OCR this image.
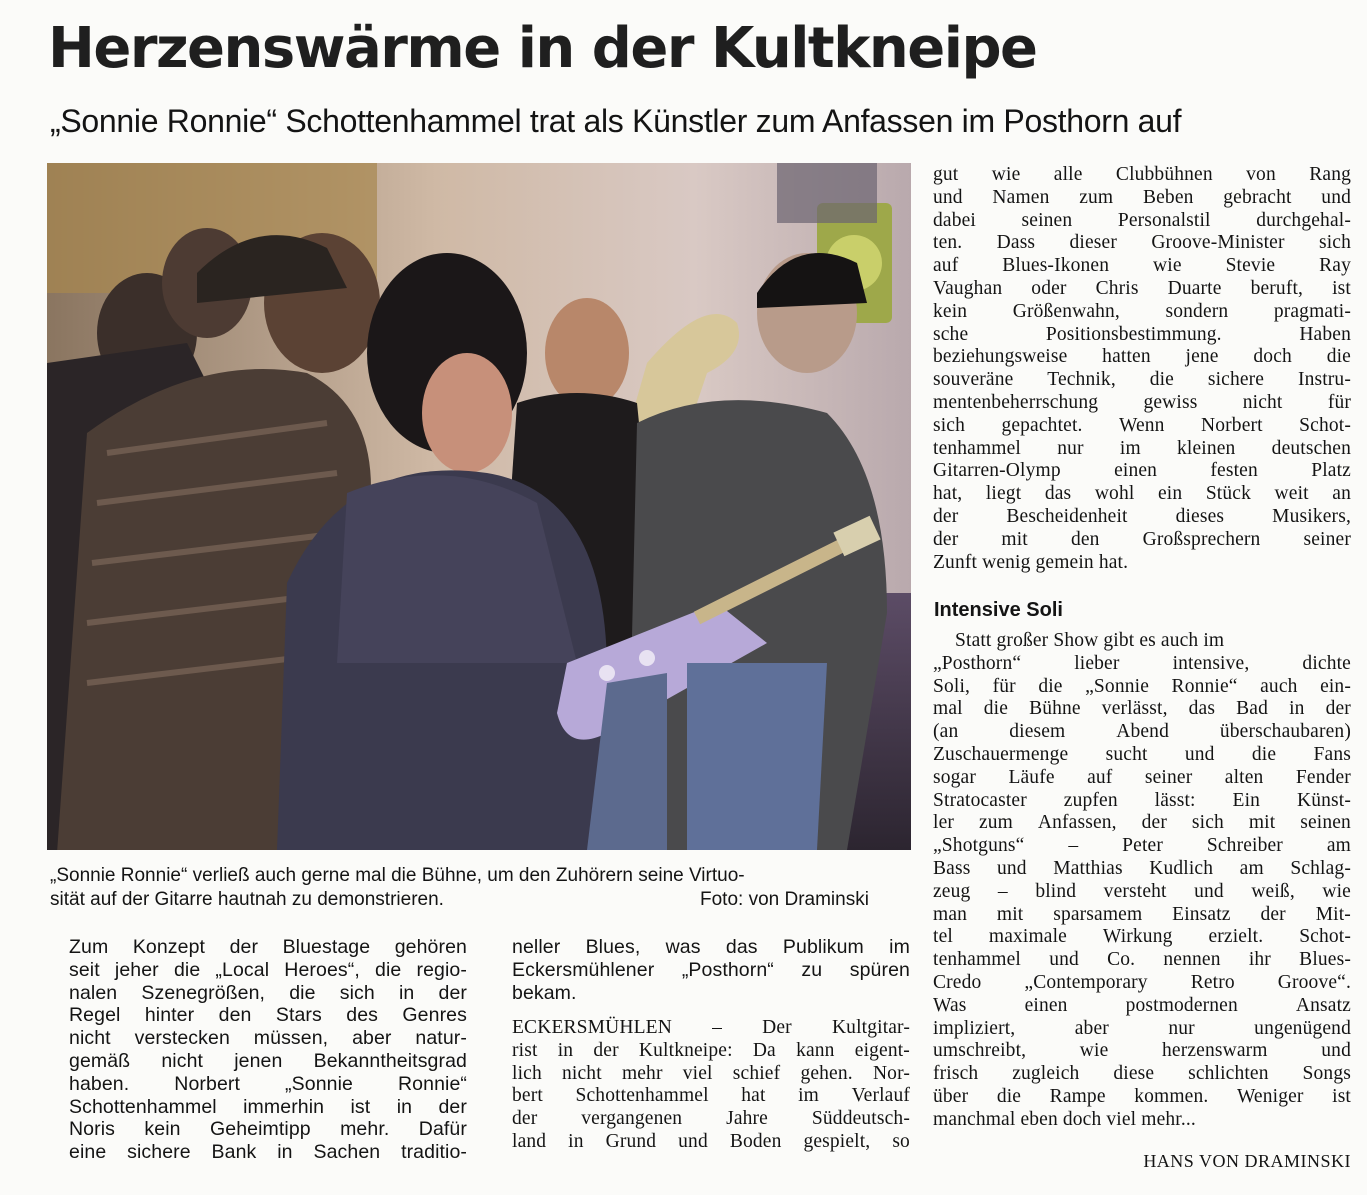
Herzenswärme in der Kultkneipe
„Sonnie Ronnie“ Schottenhammel trat als Künstler zum Anfassen im Posthorn auf
„Sonnie Ronnie“ verließ auch gerne mal die Bühne, um den Zuhörern seine Virtuo-
sität auf der Gitarre hautnah zu demonstrieren.	Foto: von Draminski
Zum Konzept der Bluestage gehören
seit jeher die „Local Heroes“, die regio-
nalen Szenegrößen, die sich in der
Regel hinter den Stars des Genres
nicht verstecken müssen, aber natur-
gemäß nicht jenen Bekanntheitsgrad
haben. Norbert „Sonnie Ronnie“
Schottenhammel immerhin ist in der
Noris kein Geheimtipp mehr. Dafür
eine sichere Bank in Sachen traditio-
neller Blues, was das Publikum im
Eckersmühlener „Posthorn“ zu spüren
bekam.
ECKERSMÜHLEN – Der Kultgitar-
rist in der Kultkneipe: Da kann eigent-
lich nicht mehr viel schief gehen. Nor-
bert Schottenhammel hat im Verlauf
der vergangenen Jahre Süddeutsch-
land in Grund und Boden gespielt, so
gut wie alle Clubbühnen von Rang
und Namen zum Beben gebracht und
dabei seinen Personalstil durchgehal-
ten. Dass dieser Groove-Minister sich
auf Blues-Ikonen wie Stevie Ray
Vaughan oder Chris Duarte beruft, ist
kein Größenwahn, sondern pragmati-
sche	Positionsbestimmung.	Haben
beziehungsweise hatten jene doch die
souveräne Technik, die sichere Instru-
mentenbeherrschung gewiss nicht für
sich gepachtet. Wenn Norbert Schot-
tenhammel nur im kleinen deutschen
Gitarren-Olymp	einen	festen	Platz
hat, liegt das wohl ein Stück weit an
der Bescheidenheit dieses Musikers,
der mit den Großsprechern seiner
Zunft wenig gemein hat.
Intensive Soli
Statt großer Show gibt es auch im
„Posthorn“	lieber	intensive,	dichte
Soli, für die „Sonnie Ronnie“ auch ein-
mal die Bühne verlässt, das Bad in der
(an	diesem	Abend	überschaubaren)
Zuschauermenge sucht und die Fans
sogar Läufe auf seiner alten Fender
Stratocaster zupfen lässt: Ein Künst-
ler zum Anfassen, der sich mit seinen
„Shotguns“ – Peter Schreiber am
Bass und Matthias Kudlich am Schlag-
zeug – blind versteht und weiß, wie
man mit sparsamem Einsatz der Mit-
tel maximale Wirkung erzielt. Schot-
tenhammel und Co. nennen ihr Blues-
Credo „Contemporary Retro Groove“.
Was	einen	postmodernen	Ansatz
impliziert,	aber	nur	ungenügend
umschreibt,	wie	herzenswarm	und
frisch zugleich diese schlichten Songs
über die Rampe kommen. Weniger ist
manchmal eben doch viel mehr...
HANS VON DRAMINSKI
